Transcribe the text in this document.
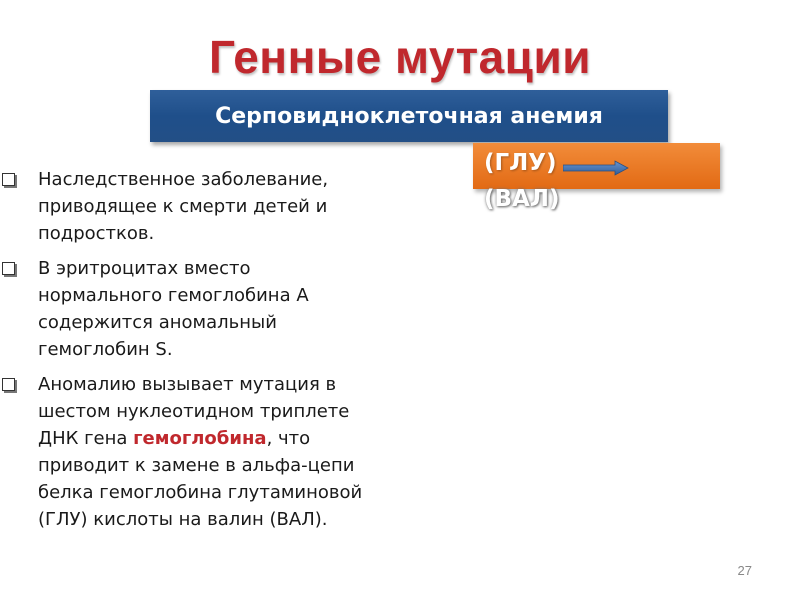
Генные мутации
Серповидноклеточная анемия
(ГЛУ)
(ВАЛ)
Наследственное заболевание, приводящее к смерти детей и подростков.
В эритроцитах вместо нормального гемоглобина A содержится аномальный гемоглобин S.
Аномалию вызывает мутация в шестом нуклеотидном триплете ДНК гена гемоглобина, что приводит к замене в альфа-цепи белка гемоглобина глутаминовой (ГЛУ) кислоты на валин (ВАЛ).
27
